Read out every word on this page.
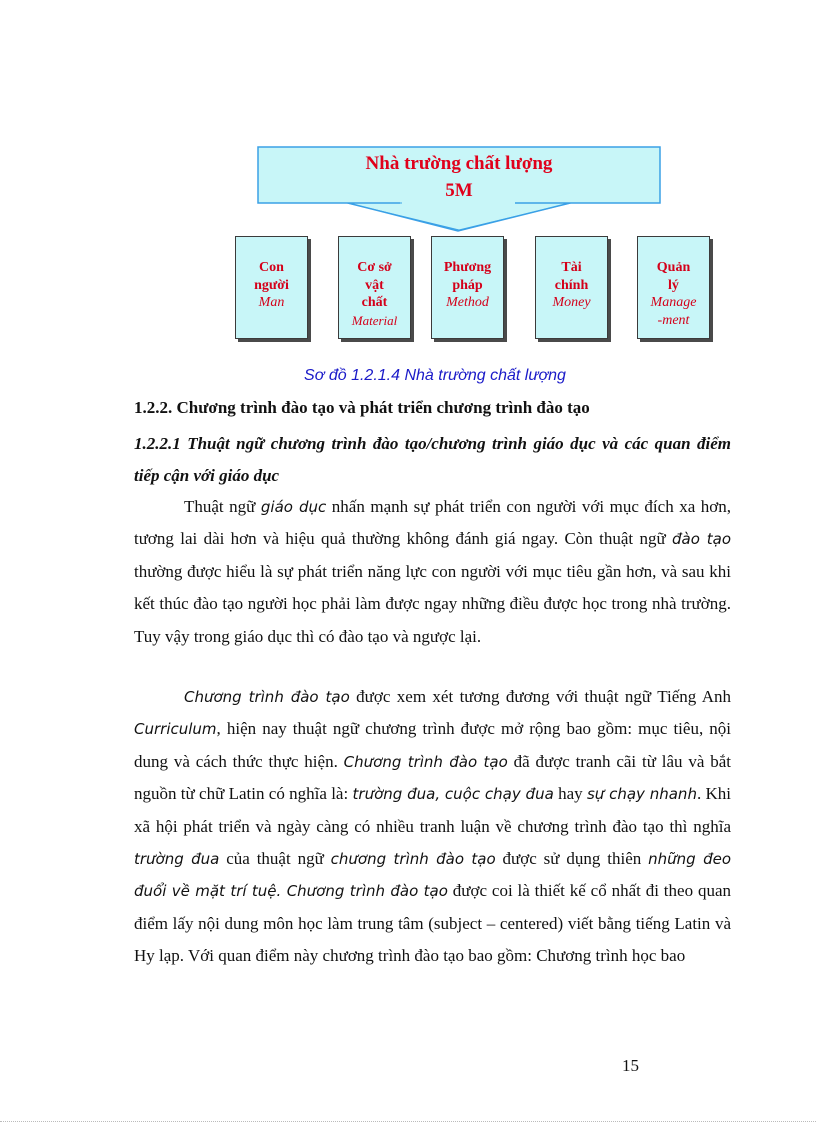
Nhà trường chất lượng
5M
Con
người
Man
Cơ sở
vật
chất
Material
Phương
pháp
Method
Tài
chính
Money
Quản
lý
Manage
-ment
Sơ đồ 1.2.1.4 Nhà trường chất lượng
1.2.2. Chương trình đào tạo và phát triển chương trình đào tạo
1.2.2.1 Thuật ngữ chương trình đào tạo/chương trình giáo dục và các quan điểm tiếp cận với giáo dục

Thuật ngữ giáo dục nhấn mạnh sự phát triển con người với mục đích xa hơn, tương lai dài hơn và hiệu quả thường không đánh giá ngay. Còn thuật ngữ đào tạo thường được hiểu là sự phát triển năng lực con người với mục tiêu gần hơn, và sau khi kết thúc đào tạo người học phải làm được ngay những điều được học trong nhà trường. Tuy vậy trong giáo dục thì có đào tạo và ngược lại.

Chương trình đào tạo được xem xét tương đương với thuật ngữ Tiếng Anh Curriculum, hiện nay thuật ngữ chương trình được mở rộng bao gồm: mục tiêu, nội dung và cách thức thực hiện. Chương trình đào tạo đã được tranh cãi từ lâu và bắt nguồn từ chữ Latin có nghĩa là: trường đua, cuộc chạy đua hay sự chạy nhanh. Khi xã hội phát triển và ngày càng có nhiều tranh luận về chương trình đào tạo thì nghĩa trường đua của thuật ngữ chương trình đào tạo được sử dụng thiên những đeo đuổi về mặt trí tuệ. Chương trình đào tạo được coi là thiết kế cổ nhất đi theo quan điểm lấy nội dung môn học làm trung tâm (subject – centered) viết bằng tiếng Latin và Hy lạp. Với quan điểm này chương trình đào tạo bao gồm: Chương trình học bao

15
